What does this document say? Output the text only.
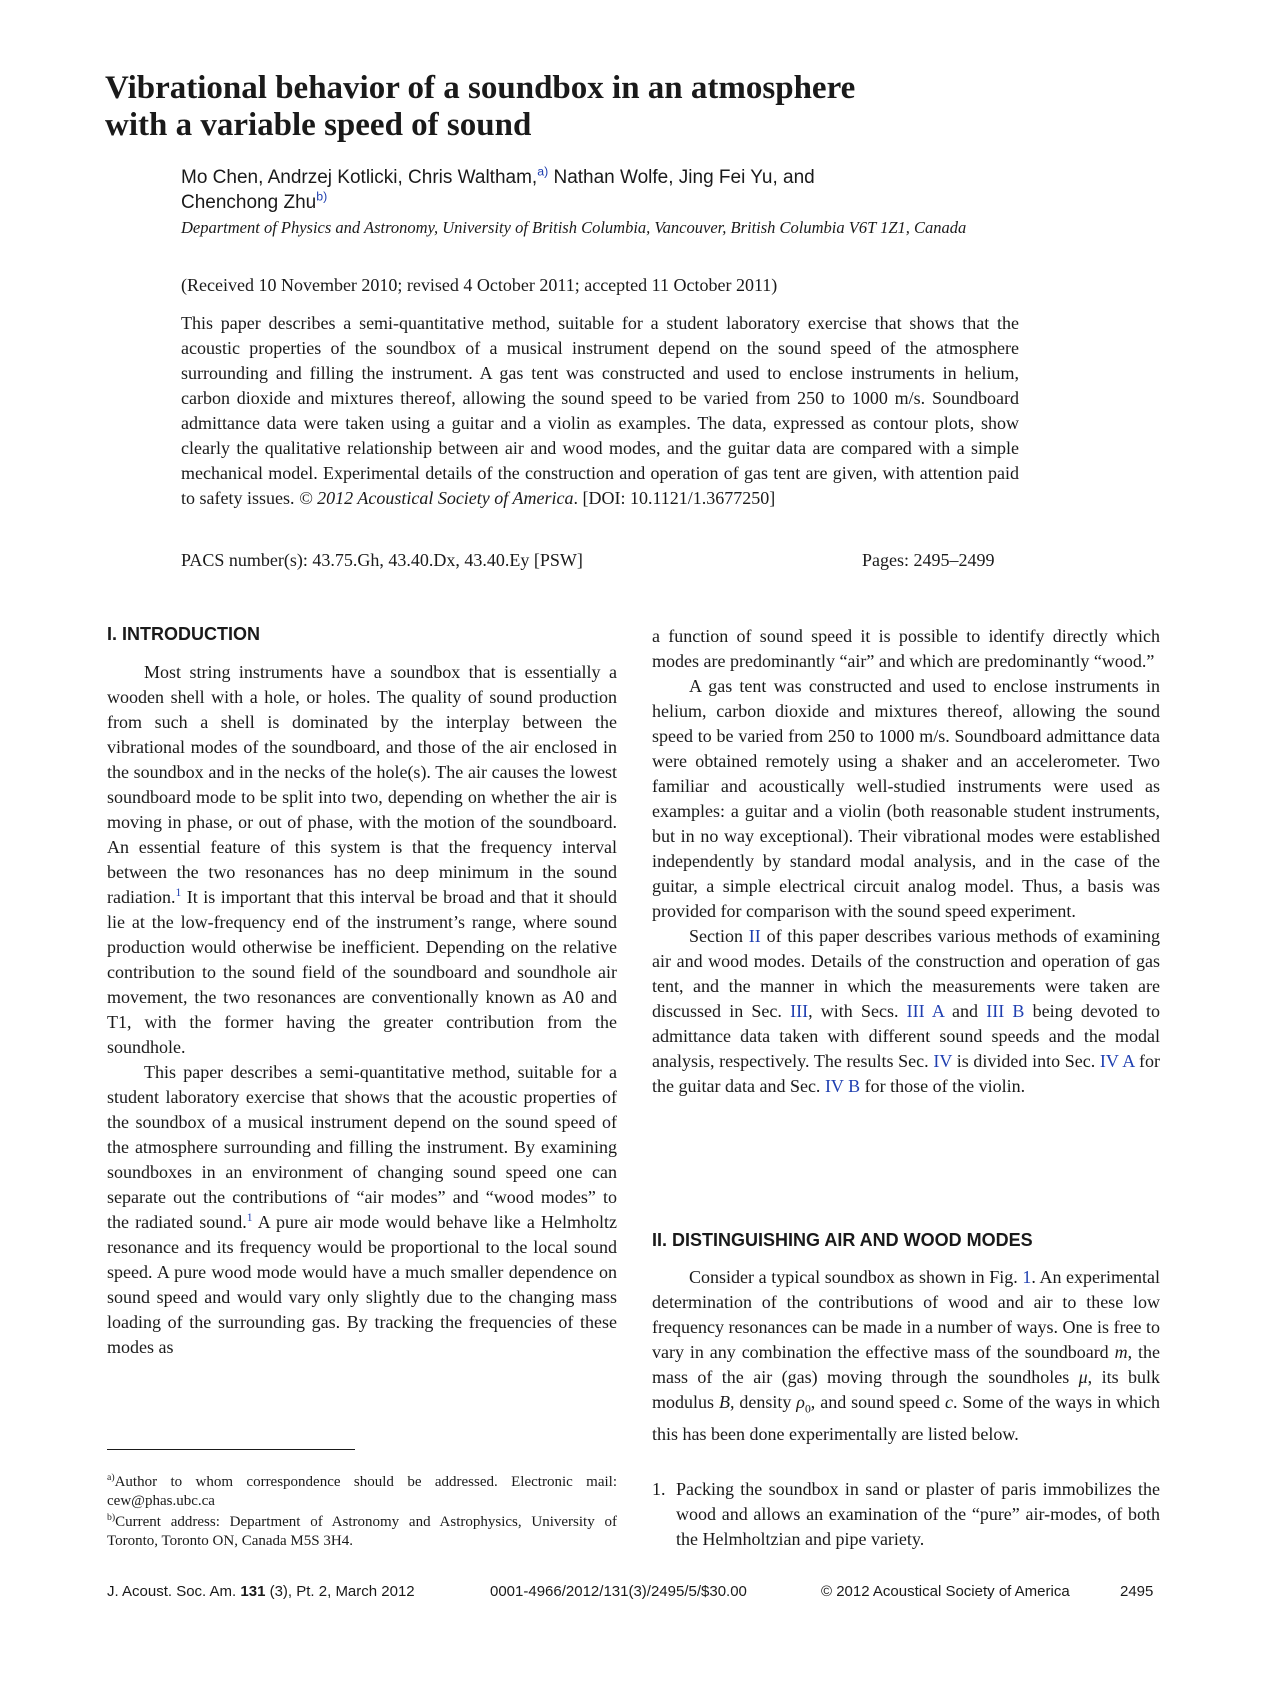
Vibrational behavior of a soundbox in an atmosphere
with a variable speed of sound
Mo Chen, Andrzej Kotlicki, Chris Waltham,$^{a)}$ Nathan Wolfe, Jing Fei Yu, and
Chenchong Zhu$^{b)}$
Department of Physics and Astronomy, University of British Columbia, Vancouver, British Columbia V6T 1Z1, Canada
(Received 10 November 2010; revised 4 October 2011; accepted 11 October 2011)

This paper describes a semi-quantitative method, suitable for a student laboratory exercise that shows that the acoustic properties of the soundbox of a musical instrument depend on the sound speed of the atmosphere surrounding and filling the instrument. A gas tent was constructed and used to enclose instruments in helium, carbon dioxide and mixtures thereof, allowing the sound speed to be varied from 250 to 1000 m/s. Soundboard admittance data were taken using a guitar and a violin as examples. The data, expressed as contour plots, show clearly the qualitative relationship between air and wood modes, and the guitar data are compared with a simple mechanical model. Experimental details of the construction and operation of gas tent are given, with attention paid to safety issues. © 2012 Acoustical Society of America. [DOI: 10.1121/1.3677250]

PACS number(s): 43.75.Gh, 43.40.Dx, 43.40.Ey [PSW]	Pages: 2495–2499
I. INTRODUCTION

Most string instruments have a soundbox that is essentially a wooden shell with a hole, or holes. The quality of sound production from such a shell is dominated by the interplay between the vibrational modes of the soundboard, and those of the air enclosed in the soundbox and in the necks of the hole(s). The air causes the lowest soundboard mode to be split into two, depending on whether the air is moving in phase, or out of phase, with the motion of the soundboard. An essential feature of this system is that the frequency interval between the two resonances has no deep minimum in the sound radiation.$^1$ It is important that this interval be broad and that it should lie at the low-frequency end of the instrument’s range, where sound production would otherwise be inefficient. Depending on the relative contribution to the sound field of the soundboard and soundhole air movement, the two resonances are conventionally known as A0 and T1, with the former having the greater contribution from the soundhole.

This paper describes a semi-quantitative method, suitable for a student laboratory exercise that shows that the acoustic properties of the soundbox of a musical instrument depend on the sound speed of the atmosphere surrounding and filling the instrument. By examining soundboxes in an environment of changing sound speed one can separate out the contributions of “air modes” and “wood modes” to the radiated sound.$^1$ A pure air mode would behave like a Helmholtz resonance and its frequency would be proportional to the local sound speed. A pure wood mode would have a much smaller dependence on sound speed and would vary only slightly due to the changing mass loading of the surrounding gas. By tracking the frequencies of these modes as

$^{a)}$Author to whom correspondence should be addressed. Electronic mail: cew@phas.ubc.ca
$^{b)}$Current address: Department of Astronomy and Astrophysics, University of Toronto, Toronto ON, Canada M5S 3H4.

a function of sound speed it is possible to identify directly which modes are predominantly “air” and which are predominantly “wood.”

A gas tent was constructed and used to enclose instruments in helium, carbon dioxide and mixtures thereof, allowing the sound speed to be varied from 250 to 1000 m/s. Soundboard admittance data were obtained remotely using a shaker and an accelerometer. Two familiar and acoustically well-studied instruments were used as examples: a guitar and a violin (both reasonable student instruments, but in no way exceptional). Their vibrational modes were established independently by standard modal analysis, and in the case of the guitar, a simple electrical circuit analog model. Thus, a basis was provided for comparison with the sound speed experiment.

Section II of this paper describes various methods of examining air and wood modes. Details of the construction and operation of gas tent, and the manner in which the measurements were taken are discussed in Sec. III, with Secs. III A and III B being devoted to admittance data taken with different sound speeds and the modal analysis, respectively. The results Sec. IV is divided into Sec. IV A for the guitar data and Sec. IV B for those of the violin.

II. DISTINGUISHING AIR AND WOOD MODES

Consider a typical soundbox as shown in Fig. 1. An experimental determination of the contributions of wood and air to these low frequency resonances can be made in a number of ways. One is free to vary in any combination the effective mass of the soundboard m, the mass of the air (gas) moving through the soundholes μ, its bulk modulus B, density $\rho_0$, and sound speed c. Some of the ways in which this has been done experimentally are listed below.

1. Packing the soundbox in sand or plaster of paris immobilizes the wood and allows an examination of the “pure” air-modes, of both the Helmholtzian and pipe variety.
J. Acoust. Soc. Am. 131 (3), Pt. 2, March 2012	0001-4966/2012/131(3)/2495/5/$30.00	© 2012 Acoustical Society of America	2495
